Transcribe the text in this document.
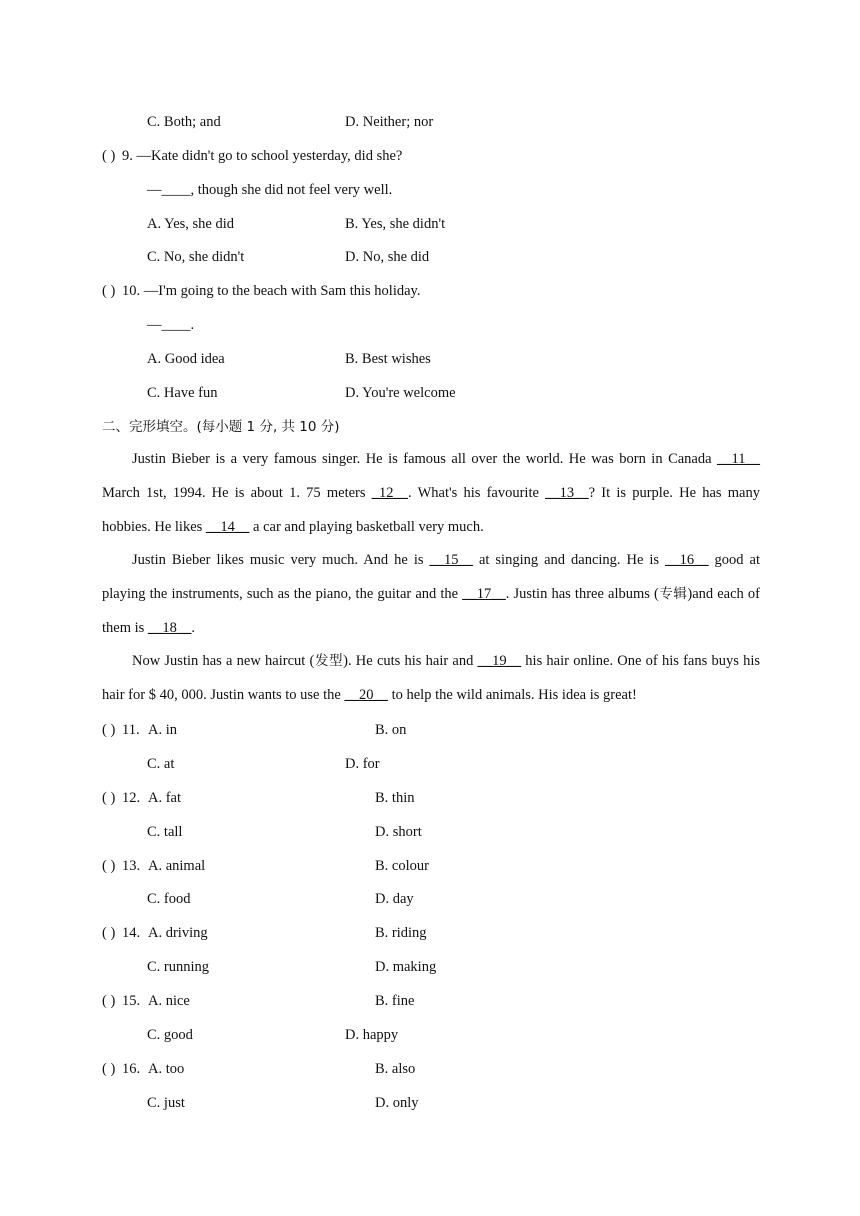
C. Both; and	D. Neither; nor
( ) 9. —Kate didn't go to school yesterday, did she?
—____, though she did not feel very well.
A. Yes, she did	B. Yes, she didn't
C. No, she didn't	D. No, she did
( ) 10. —I'm going to the beach with Sam this holiday.
—____.
A. Good idea	B. Best wishes
C. Have fun	D. You're welcome
二、完形填空。(每小题 1 分, 共 10 分)
Justin Bieber is a very famous singer. He is famous all over the world. He was born in Canada __11__ March 1st, 1994. He is about 1. 75 meters _12__. What's his favourite __13__? It is purple. He has many hobbies. He likes __14__ a car and playing basketball very much.
Justin Bieber likes music very much. And he is __15__ at singing and dancing. He is __16__ good at playing the instruments, such as the piano, the guitar and the __17__. Justin has three albums (专辑)and each of them is __18__.
Now Justin has a new haircut (发型). He cuts his hair and __19__ his hair online. One of his fans buys his hair for $ 40, 000. Justin wants to use the __20__ to help the wild animals. His idea is great!
( ) 11. A. in	B. on
C. at	D. for
( ) 12. A. fat	B. thin
C. tall	D. short
( ) 13. A. animal	B. colour
C. food	D. day
( ) 14. A. driving	B. riding
C. running	D. making
( ) 15. A. nice	B. fine
C. good	D. happy
( ) 16. A. too	B. also
C. just	D. only
